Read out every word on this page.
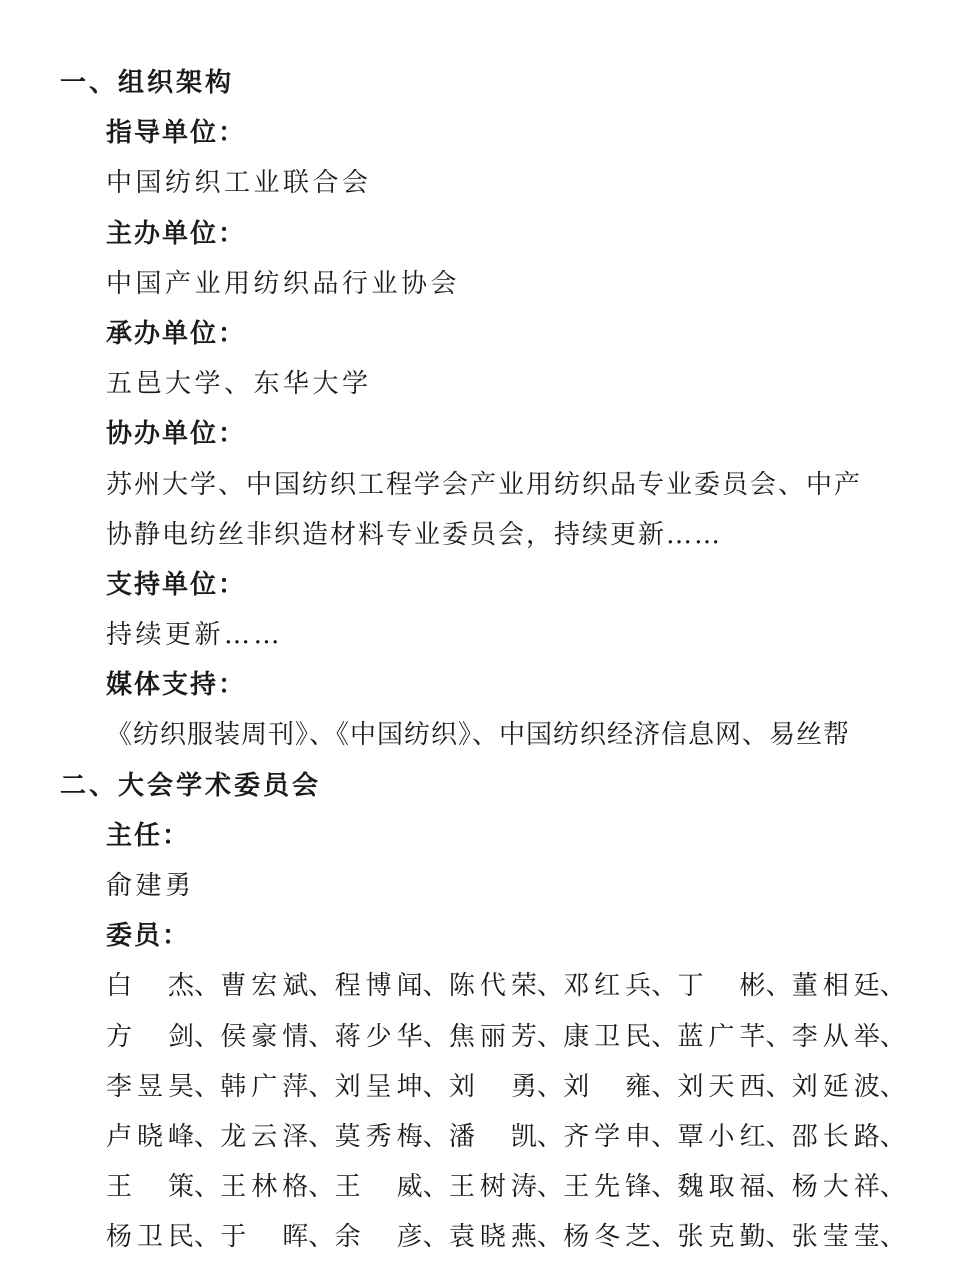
一、组织架构
指导单位：
中国纺织工业联合会
主办单位：
中国产业用纺织品行业协会
承办单位：
五邑大学、东华大学
协办单位：
苏州大学、中国纺织工程学会产业用纺织品专业委员会、中产
协静电纺丝非织造材料专业委员会，持续更新……
支持单位：
持续更新……
媒体支持：
《纺织服装周刊》、《中国纺织》、中国纺织经济信息网、易丝帮
二、大会学术委员会
主任：
俞建勇
委员：
白　杰 、 曹宏斌 、 程博闻 、 陈代荣 、 邓红兵 、 丁　彬 、 董相廷 、
方　剑 、 侯豪情 、 蒋少华 、 焦丽芳 、 康卫民 、 蓝广芊 、 李从举 、
李昱昊 、 韩广萍 、 刘呈坤 、 刘　勇 、 刘　雍 、 刘天西 、 刘延波 、
卢晓峰 、 龙云泽 、 莫秀梅 、 潘　凯 、 齐学申 、 覃小红 、 邵长路 、
王　策 、 王林格 、 王　威 、 王树涛 、 王先锋 、 魏取福 、 杨大祥 、
杨卫民 、 于　晖 、 余　彦 、 袁晓燕 、 杨冬芝 、 张克勤 、 张莹莹 、
